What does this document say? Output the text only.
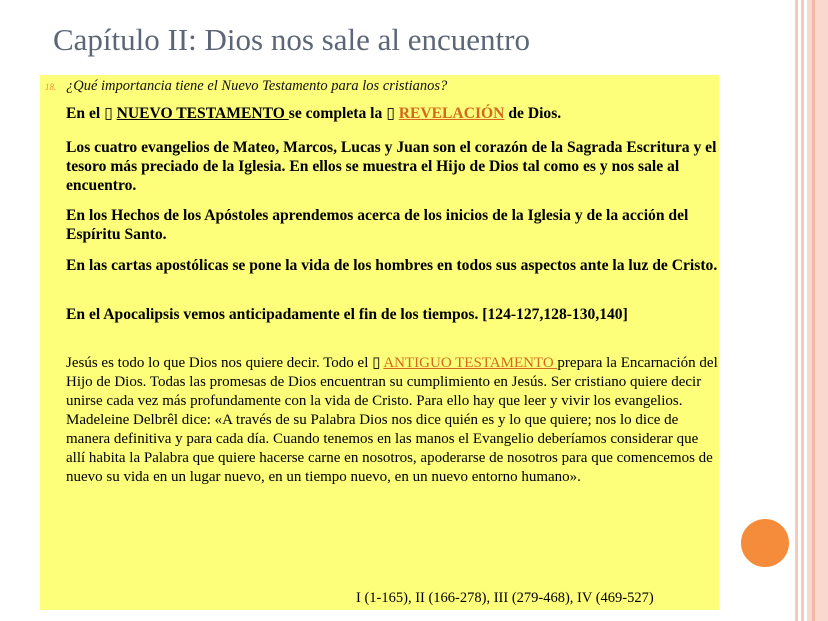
Capítulo II: Dios nos sale al encuentro
18. ¿Qué importancia tiene el Nuevo Testamento para los cristianos?
En el ▯ NUEVO TESTAMENTO se completa la ▯ REVELACIÓN de Dios.
Los cuatro evangelios de Mateo, Marcos, Lucas y Juan son el corazón de la Sagrada Escritura y el tesoro más preciado de la Iglesia. En ellos se muestra el Hijo de Dios tal como es y nos sale al encuentro.
En los Hechos de los Apóstoles aprendemos acerca de los inicios de la Iglesia y de la acción del Espíritu Santo.
En las cartas apostólicas se pone la vida de los hombres en todos sus aspectos ante la luz de Cristo.
En el Apocalipsis vemos anticipadamente el fin de los tiempos. [124-127,128-130,140]
Jesús es todo lo que Dios nos quiere decir. Todo el ▯ ANTIGUO TESTAMENTO prepara la Encarnación del Hijo de Dios. Todas las promesas de Dios encuentran su cumplimiento en Jesús. Ser cristiano quiere decir unirse cada vez más profundamente con la vida de Cristo. Para ello hay que leer y vivir los evangelios. Madeleine Delbrêl dice: «A través de su Palabra Dios nos dice quién es y lo que quiere; nos lo dice de manera definitiva y para cada día. Cuando tenemos en las manos el Evangelio deberíamos considerar que allí habita la Palabra que quiere hacerse carne en nosotros, apoderarse de nosotros para que comencemos de nuevo su vida en un lugar nuevo, en un tiempo nuevo, en un nuevo entorno humano».
I (1-165), II (166-278), III (279-468), IV (469-527)
